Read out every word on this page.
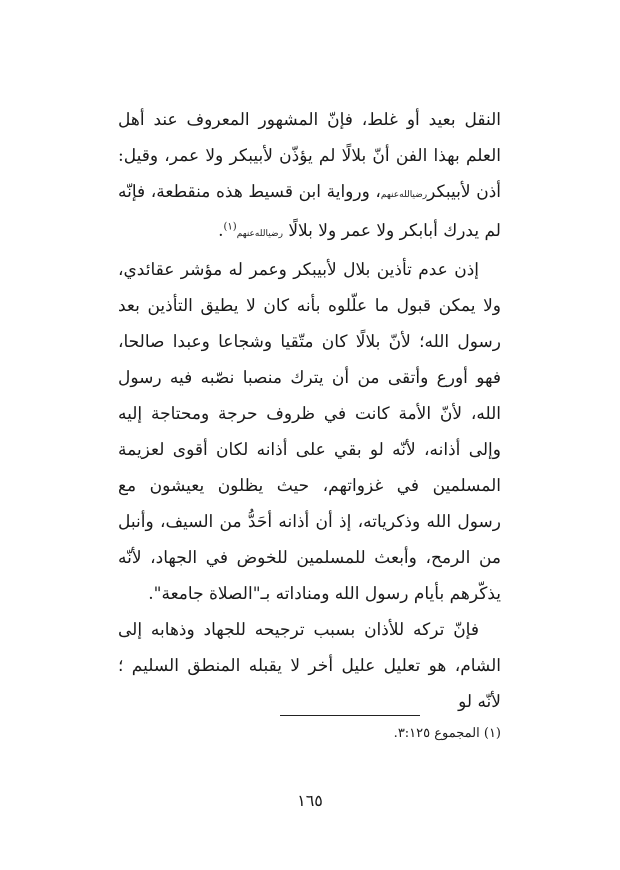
النقل بعيد أو غلط، فإنّ المشهور المعروف عند أهل العلم بهذا الفن أنّ بلالًا لم يؤذّن لأبيبكر ولا عمر، وقيل: أذن لأبيبكررضيالله‌عنهم، ورواية ابن قسيط هذه منقطعة، فإنّه لم يدرك أبابكر ولا عمر ولا بلالًا رضيالله‌عنهم$^{(١)}$.

إذن عدم تأذين بلال لأبيبكر وعمر له مؤشر عقائدي، ولا يمكن قبول ما علّلوه بأنه كان لا يطيق التأذين بعد رسول الله؛ لأنّ بلالًا كان متّقيا وشجاعا وعبدا صالحا، فهو أورع وأتقى من أن يترك منصبا نصّبه فيه رسول الله، لأنّ الأمة كانت في ظروف حرجة ومحتاجة إليه وإلى أذانه، لأنّه لو بقي على أذانه لكان أقوى لعزيمة المسلمين في غزواتهم، حيث يظلون يعيشون مع رسول الله وذكرياته، إذ أن أذانه أحَدُّ من السيف، وأنبل من الرمح، وأبعث للمسلمين للخوض في الجهاد، لأنّه يذكّرهم بأيام رسول الله ومناداته بـ"الصلاة جامعة".

فإنّ تركه للأذان بسبب ترجيحه للجهاد وذهابه إلى الشام، هو تعليل عليل أخر لا يقبله المنطق السليم ؛ لأنّه لو

(١) المجموع ٣:١٢٥.
١٦٥
